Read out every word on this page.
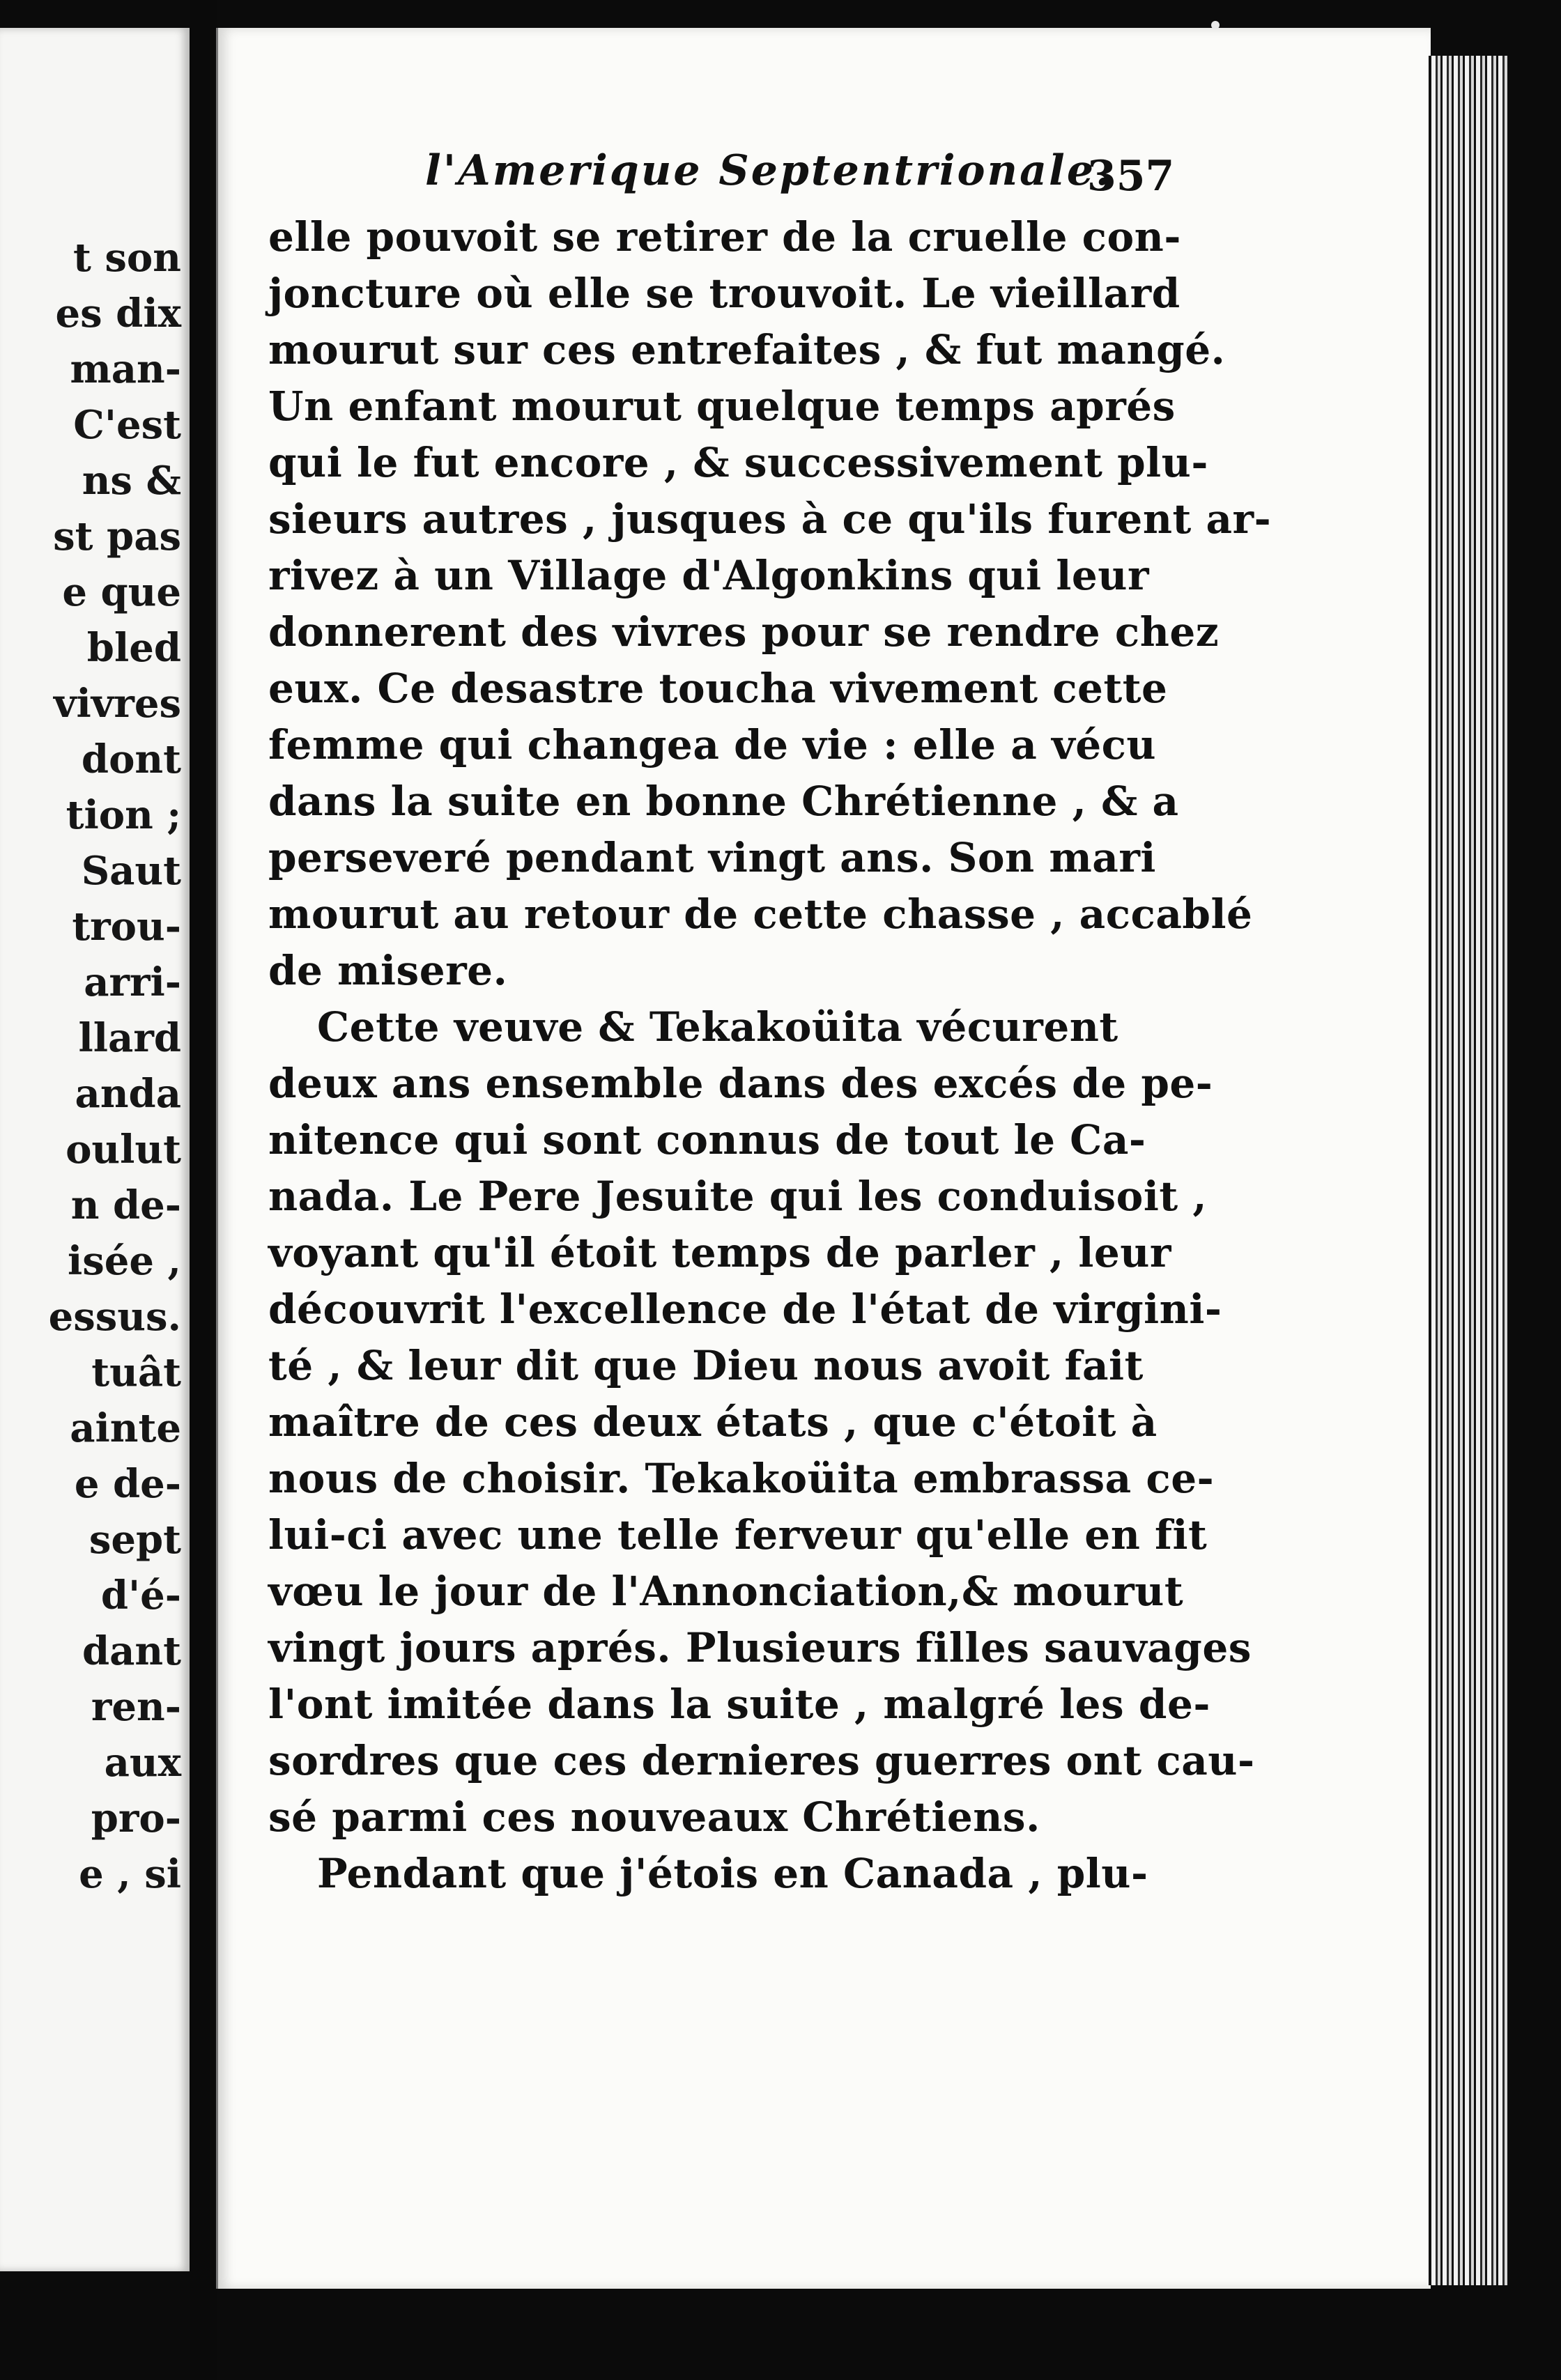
t son
es dix
man-
C'est
ns &
st pas
e que
bled
vivres
dont
tion ;
Saut
trou-
arri-
llard
anda
oulut
n de-
isée ,
essus.
tuât
ainte
e de-
sept
d'é-
dant
ren-
aux
pro-
e , si
l'Amerique Septentrionale.
357
elle pouvoit se retirer de la cruelle con-
joncture où elle se trouvoit. Le vieillard
mourut sur ces entrefaites , & fut mangé.
Un enfant mourut quelque temps aprés
qui le fut encore , & successivement plu-
sieurs autres , jusques à ce qu'ils furent ar-
rivez à un Village d'Algonkins qui leur
donnerent des vivres pour se rendre chez
eux. Ce desastre toucha vivement cette
femme qui changea de vie : elle a vécu
dans la suite en bonne Chrétienne , & a
perseveré pendant vingt ans. Son mari
mourut au retour de cette chasse , accablé
de misere.
Cette veuve & Tekakoüita vécurent
deux ans ensemble dans des excés de pe-
nitence qui sont connus de tout le Ca-
nada. Le Pere Jesuite qui les conduisoit ,
voyant qu'il étoit temps de parler , leur
découvrit l'excellence de l'état de virgini-
té , & leur dit que Dieu nous avoit fait
maître de ces deux états , que c'étoit à
nous de choisir. Tekakoüita embrassa ce-
lui-ci avec une telle ferveur qu'elle en fit
vœu le jour de l'Annonciation,& mourut
vingt jours aprés. Plusieurs filles sauvages
l'ont imitée dans la suite , malgré les de-
sordres que ces dernieres guerres ont cau-
sé parmi ces nouveaux Chrétiens.
Pendant que j'étois en Canada , plu-
